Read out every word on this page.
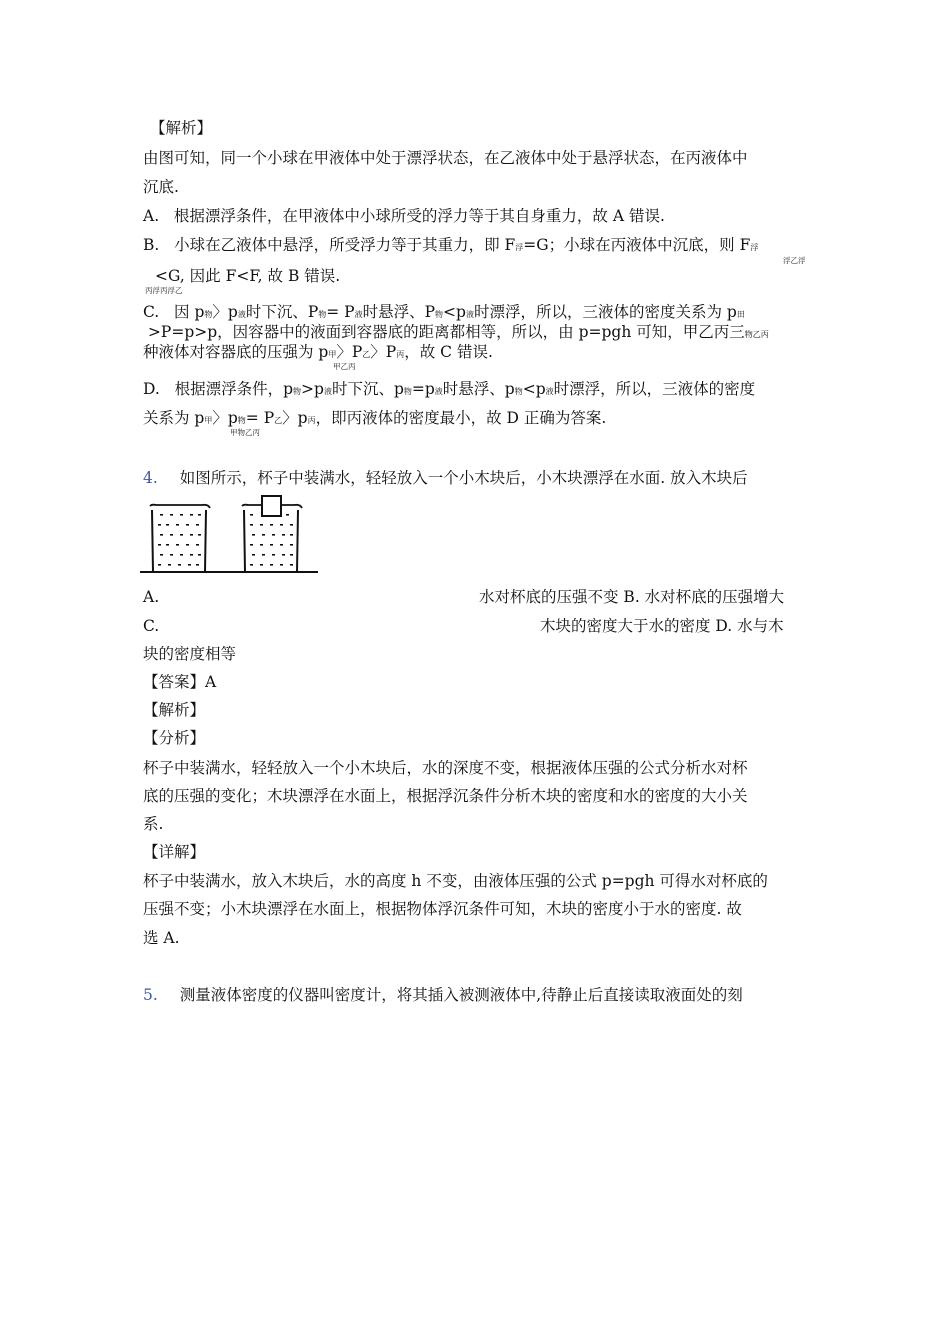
【解析】
由图可知，同一个小球在甲液体中处于漂浮状态，在乙液体中处于悬浮状态，在丙液体中
沉底.
A.   根据漂浮条件，在甲液体中小球所受的浮力等于其自身重力，故 A 错误.
B.   小球在乙液体中悬浮，所受浮力等于其重力，即 F浮=G；小球在丙液体中沉底，则 F浮
浮乙浮
<G, 因此 F<F, 故 B 错误.
丙浮丙浮乙
C.   因 p物〉p液时下沉、P物= P液时悬浮、P物<p液时漂浮，所以，三液体的密度关系为 p田
>P=p>p，因容器中的液面到容器底的距离都相等，所以，由 p=pgh 可知，甲乙丙三物乙丙
种液体对容器底的压强为 p甲〉P乙〉P丙，故 C 错误.
甲乙丙
D.   根据漂浮条件，p物>p液时下沉、p物=p液时悬浮、p物<p液时漂浮，所以，三液体的密度
关系为 p甲〉p物= P乙〉p丙，即丙液体的密度最小，故 D 正确为答案.
甲物乙丙
4. 如图所示，杯子中装满水，轻轻放入一个小木块后，小木块漂浮在水面. 放入木块后
A.	水对杯底的压强不变 B. 水对杯底的压强增大
C.	木块的密度大于水的密度 D. 水与木
块的密度相等
【答案】A
【解析】
【分析】
杯子中装满水，轻轻放入一个小木块后，水的深度不变，根据液体压强的公式分析水对杯
底的压强的变化；木块漂浮在水面上，根据浮沉条件分析木块的密度和水的密度的大小关
系.
【详解】
杯子中装满水，放入木块后，水的高度 h 不变，由液体压强的公式 p=pgh 可得水对杯底的
压强不变；小木块漂浮在水面上，根据物体浮沉条件可知，木块的密度小于水的密度. 故
选 A.
5. 测量液体密度的仪器叫密度计，将其插入被测液体中,待静止后直接读取液面处的刻
